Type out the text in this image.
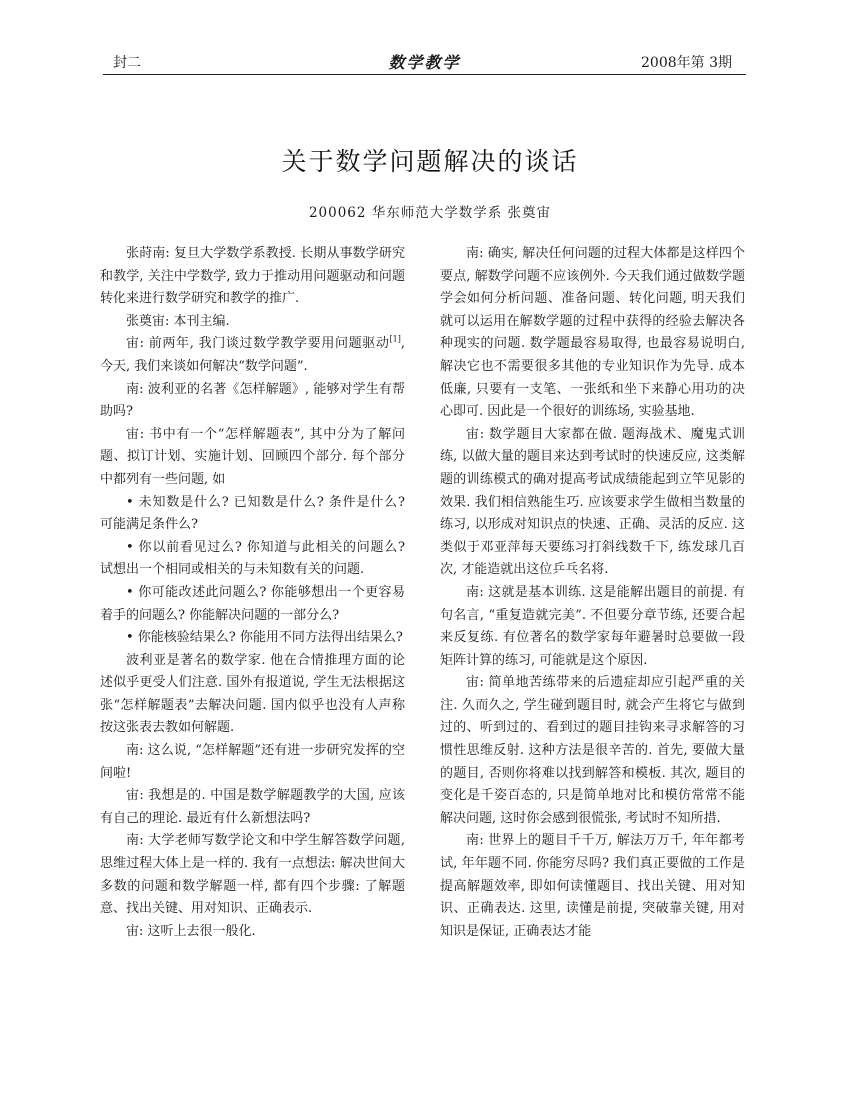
封二	数学教学	2008年第 3期
关于数学问题解决的谈话
200062 华东师范大学数学系 张奠宙

张莳南: 复旦大学数学系教授. 长期从事数学研究和教学, 关注中学数学, 致力于推动用问题驱动和问题转化来进行数学研究和教学的推广.

张奠宙: 本刊主编.

宙: 前两年, 我门谈过数学教学要用问题驱动[1], 今天, 我们来谈如何解决“数学问题”.

南: 波利亚的名著《怎样解题》, 能够对学生有帮助吗?

宙: 书中有一个“怎样解题表”, 其中分为了解问题、拟订计划、实施计划、回顾四个部分. 每个部分中都列有一些问题, 如

• 未知数是什么? 已知数是什么? 条件是什么? 可能满足条件么?

• 你以前看见过么? 你知道与此相关的问题么? 试想出一个相同或相关的与未知数有关的问题.

• 你可能改述此问题么? 你能够想出一个更容易着手的问题么? 你能解决问题的一部分么?

• 你能核验结果么? 你能用不同方法得出结果么?

波利亚是著名的数学家. 他在合情推理方面的论述似乎更受人们注意. 国外有报道说, 学生无法根据这张“怎样解题表”去解决问题. 国内似乎也没有人声称按这张表去教如何解题.

南: 这么说, “怎样解题”还有进一步研究发挥的空间啦!

宙: 我想是的. 中国是数学解题教学的大国, 应该有自己的理论. 最近有什么新想法吗?

南: 大学老师写数学论文和中学生解答数学问题, 思维过程大体上是一样的. 我有一点想法: 解决世间大多数的问题和数学解题一样, 都有四个步骤: 了解题意、找出关键、用对知识、正确表示.

宙: 这听上去很一般化.

南: 确实, 解决任何问题的过程大体都是这样四个要点, 解数学问题不应该例外. 今天我们通过做数学题学会如何分析问题、准备问题、转化问题, 明天我们就可以运用在解数学题的过程中获得的经验去解决各种现实的问题. 数学题最容易取得, 也最容易说明白, 解决它也不需要很多其他的专业知识作为先导. 成本低廉, 只要有一支笔、一张纸和坐下来静心用功的决心即可. 因此是一个很好的训练场, 实验基地.

宙: 数学题目大家都在做. 题海战术、魔鬼式训练, 以做大量的题目来达到考试时的快速反应, 这类解题的训练模式的确对提高考试成绩能起到立竿见影的效果. 我们相信熟能生巧. 应该要求学生做相当数量的练习, 以形成对知识点的快速、正确、灵活的反应. 这类似于邓亚萍每天要练习打斜线数千下, 练发球几百次, 才能造就出这位乒乓名将.

南: 这就是基本训练. 这是能解出题目的前提. 有句名言, “重复造就完美”. 不但要分章节练, 还要合起来反复练. 有位著名的数学家每年避暑时总要做一段矩阵计算的练习, 可能就是这个原因.

宙: 简单地苦练带来的后遗症却应引起严重的关注. 久而久之, 学生碰到题目时, 就会产生将它与做到过的、听到过的、看到过的题目挂钩来寻求解答的习惯性思维反射. 这种方法是很辛苦的. 首先, 要做大量的题目, 否则你将难以找到解答和模板. 其次, 题目的变化是千姿百态的, 只是简单地对比和模仿常常不能解决问题, 这时你会感到很慌张, 考试时不知所措.

南: 世界上的题目千千万, 解法万万千, 年年都考试, 年年题不同. 你能穷尽吗? 我们真正要做的工作是提高解题效率, 即如何读懂题目、找出关键、用对知识、正确表达. 这里, 读懂是前提, 突破靠关键, 用对知识是保证, 正确表达才能
